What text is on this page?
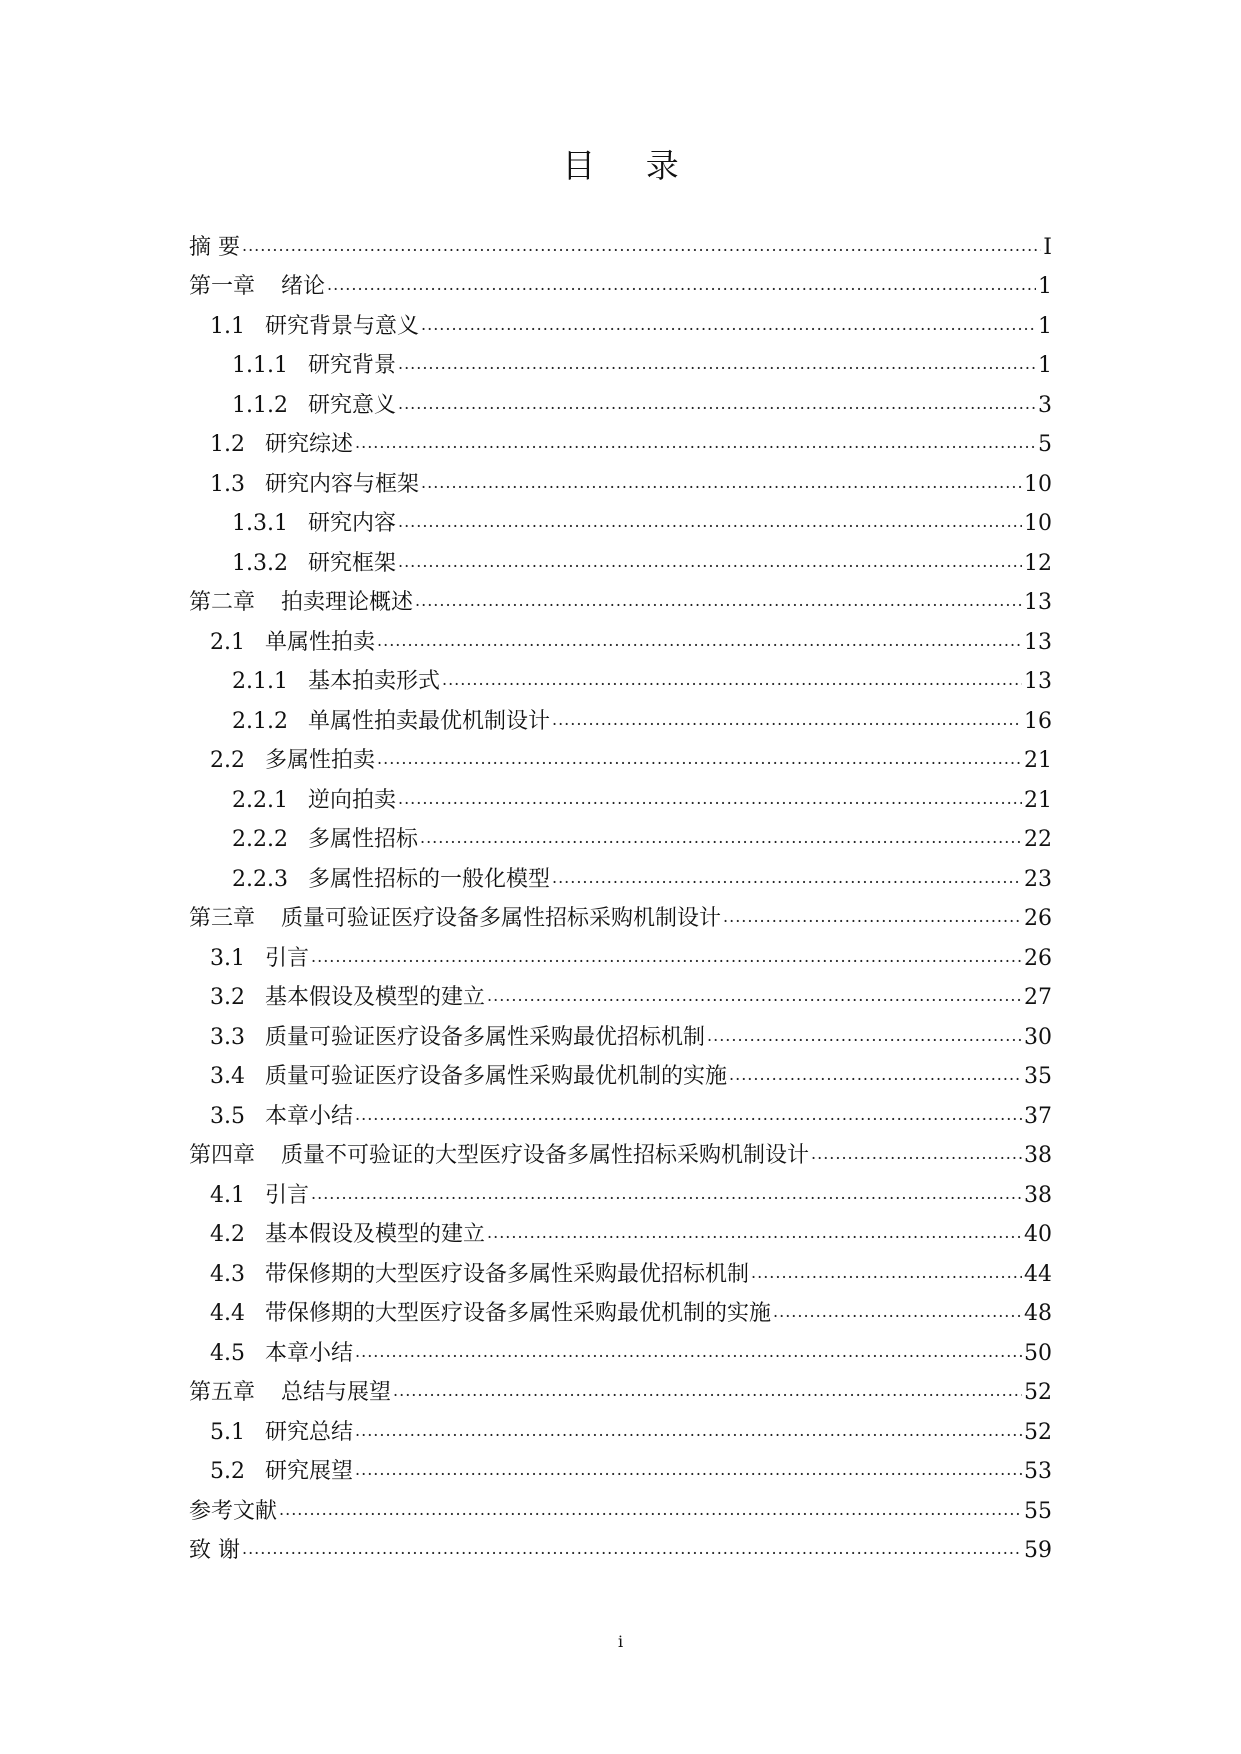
目 录
摘 要 .....	I
第一章 绪论 .....	1
1.1 研究背景与意义 .....	1
1.1.1 研究背景 .....	1
1.1.2 研究意义 .....	3
1.2 研究综述 .....	5
1.3 研究内容与框架 .....	10
1.3.1 研究内容 .....	10
1.3.2 研究框架 .....	12
第二章 拍卖理论概述 .....	13
2.1 单属性拍卖 .....	13
2.1.1 基本拍卖形式 .....	13
2.1.2 单属性拍卖最优机制设计 .....	16
2.2 多属性拍卖 .....	21
2.2.1 逆向拍卖 .....	21
2.2.2 多属性招标 .....	22
2.2.3 多属性招标的一般化模型 .....	23
第三章 质量可验证医疗设备多属性招标采购机制设计 .....	26
3.1 引言 .....	26
3.2 基本假设及模型的建立 .....	27
3.3 质量可验证医疗设备多属性采购最优招标机制 .....	30
3.4 质量可验证医疗设备多属性采购最优机制的实施 .....	35
3.5 本章小结 .....	37
第四章 质量不可验证的大型医疗设备多属性招标采购机制设计 .....	38
4.1 引言 .....	38
4.2 基本假设及模型的建立 .....	40
4.3 带保修期的大型医疗设备多属性采购最优招标机制 .....	44
4.4 带保修期的大型医疗设备多属性采购最优机制的实施 .....	48
4.5 本章小结 .....	50
第五章 总结与展望 .....	52
5.1 研究总结 .....	52
5.2 研究展望 .....	53
参考文献 .....	55
致 谢 .....	59
i
